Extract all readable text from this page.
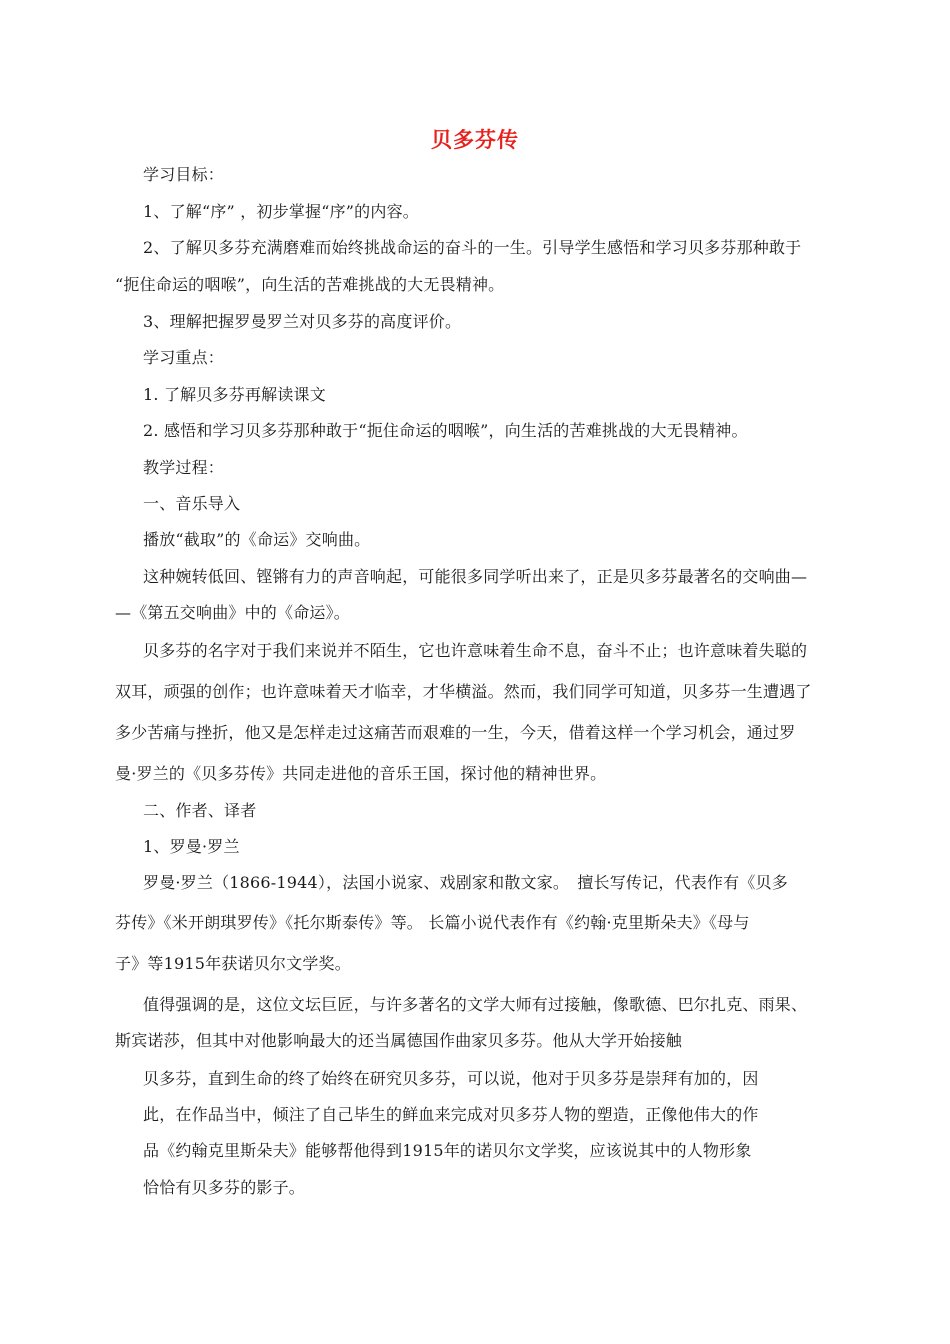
贝多芬传
学习目标：
1、了解“序” ，初步掌握“序”的内容。
2、了解贝多芬充满磨难而始终挑战命运的奋斗的一生。引导学生感悟和学习贝多芬那种敢于
“扼住命运的咽喉”，向生活的苦难挑战的大无畏精神。
3、理解把握罗曼罗兰对贝多芬的高度评价。
学习重点：
1. 了解贝多芬再解读课文
2. 感悟和学习贝多芬那种敢于“扼住命运的咽喉”，向生活的苦难挑战的大无畏精神。
教学过程：
一、音乐导入
播放“截取”的《命运》交响曲。
这种婉转低回、铿锵有力的声音响起，可能很多同学听出来了，正是贝多芬最著名的交响曲—
—《第五交响曲》中的《命运》。
贝多芬的名字对于我们来说并不陌生，它也许意味着生命不息，奋斗不止；也许意味着失聪的
双耳，顽强的创作；也许意味着天才临幸，才华横溢。然而，我们同学可知道，贝多芬一生遭遇了
多少苦痛与挫折，他又是怎样走过这痛苦而艰难的一生，今天，借着这样一个学习机会，通过罗
曼·罗兰的《贝多芬传》共同走进他的音乐王国，探讨他的精神世界。
二、作者、译者
1、罗曼·罗兰
罗曼·罗兰（1866-1944），法国小说家、戏剧家和散文家。　擅长写传记，代表作有《贝多
芬传》《米开朗琪罗传》《托尔斯泰传》等。 长篇小说代表作有《约翰·克里斯朵夫》《母与
子》等1915年获诺贝尔文学奖。
值得强调的是，这位文坛巨匠，与许多著名的文学大师有过接触，像歌德、巴尔扎克、雨果、
斯宾诺莎，但其中对他影响最大的还当属德国作曲家贝多芬。他从大学开始接触
贝多芬，直到生命的终了始终在研究贝多芬，可以说，他对于贝多芬是崇拜有加的，因
此，在作品当中，倾注了自己毕生的鲜血来完成对贝多芬人物的塑造，正像他伟大的作
品《约翰克里斯朵夫》能够帮他得到1915年的诺贝尔文学奖，应该说其中的人物形象
恰恰有贝多芬的影子。
